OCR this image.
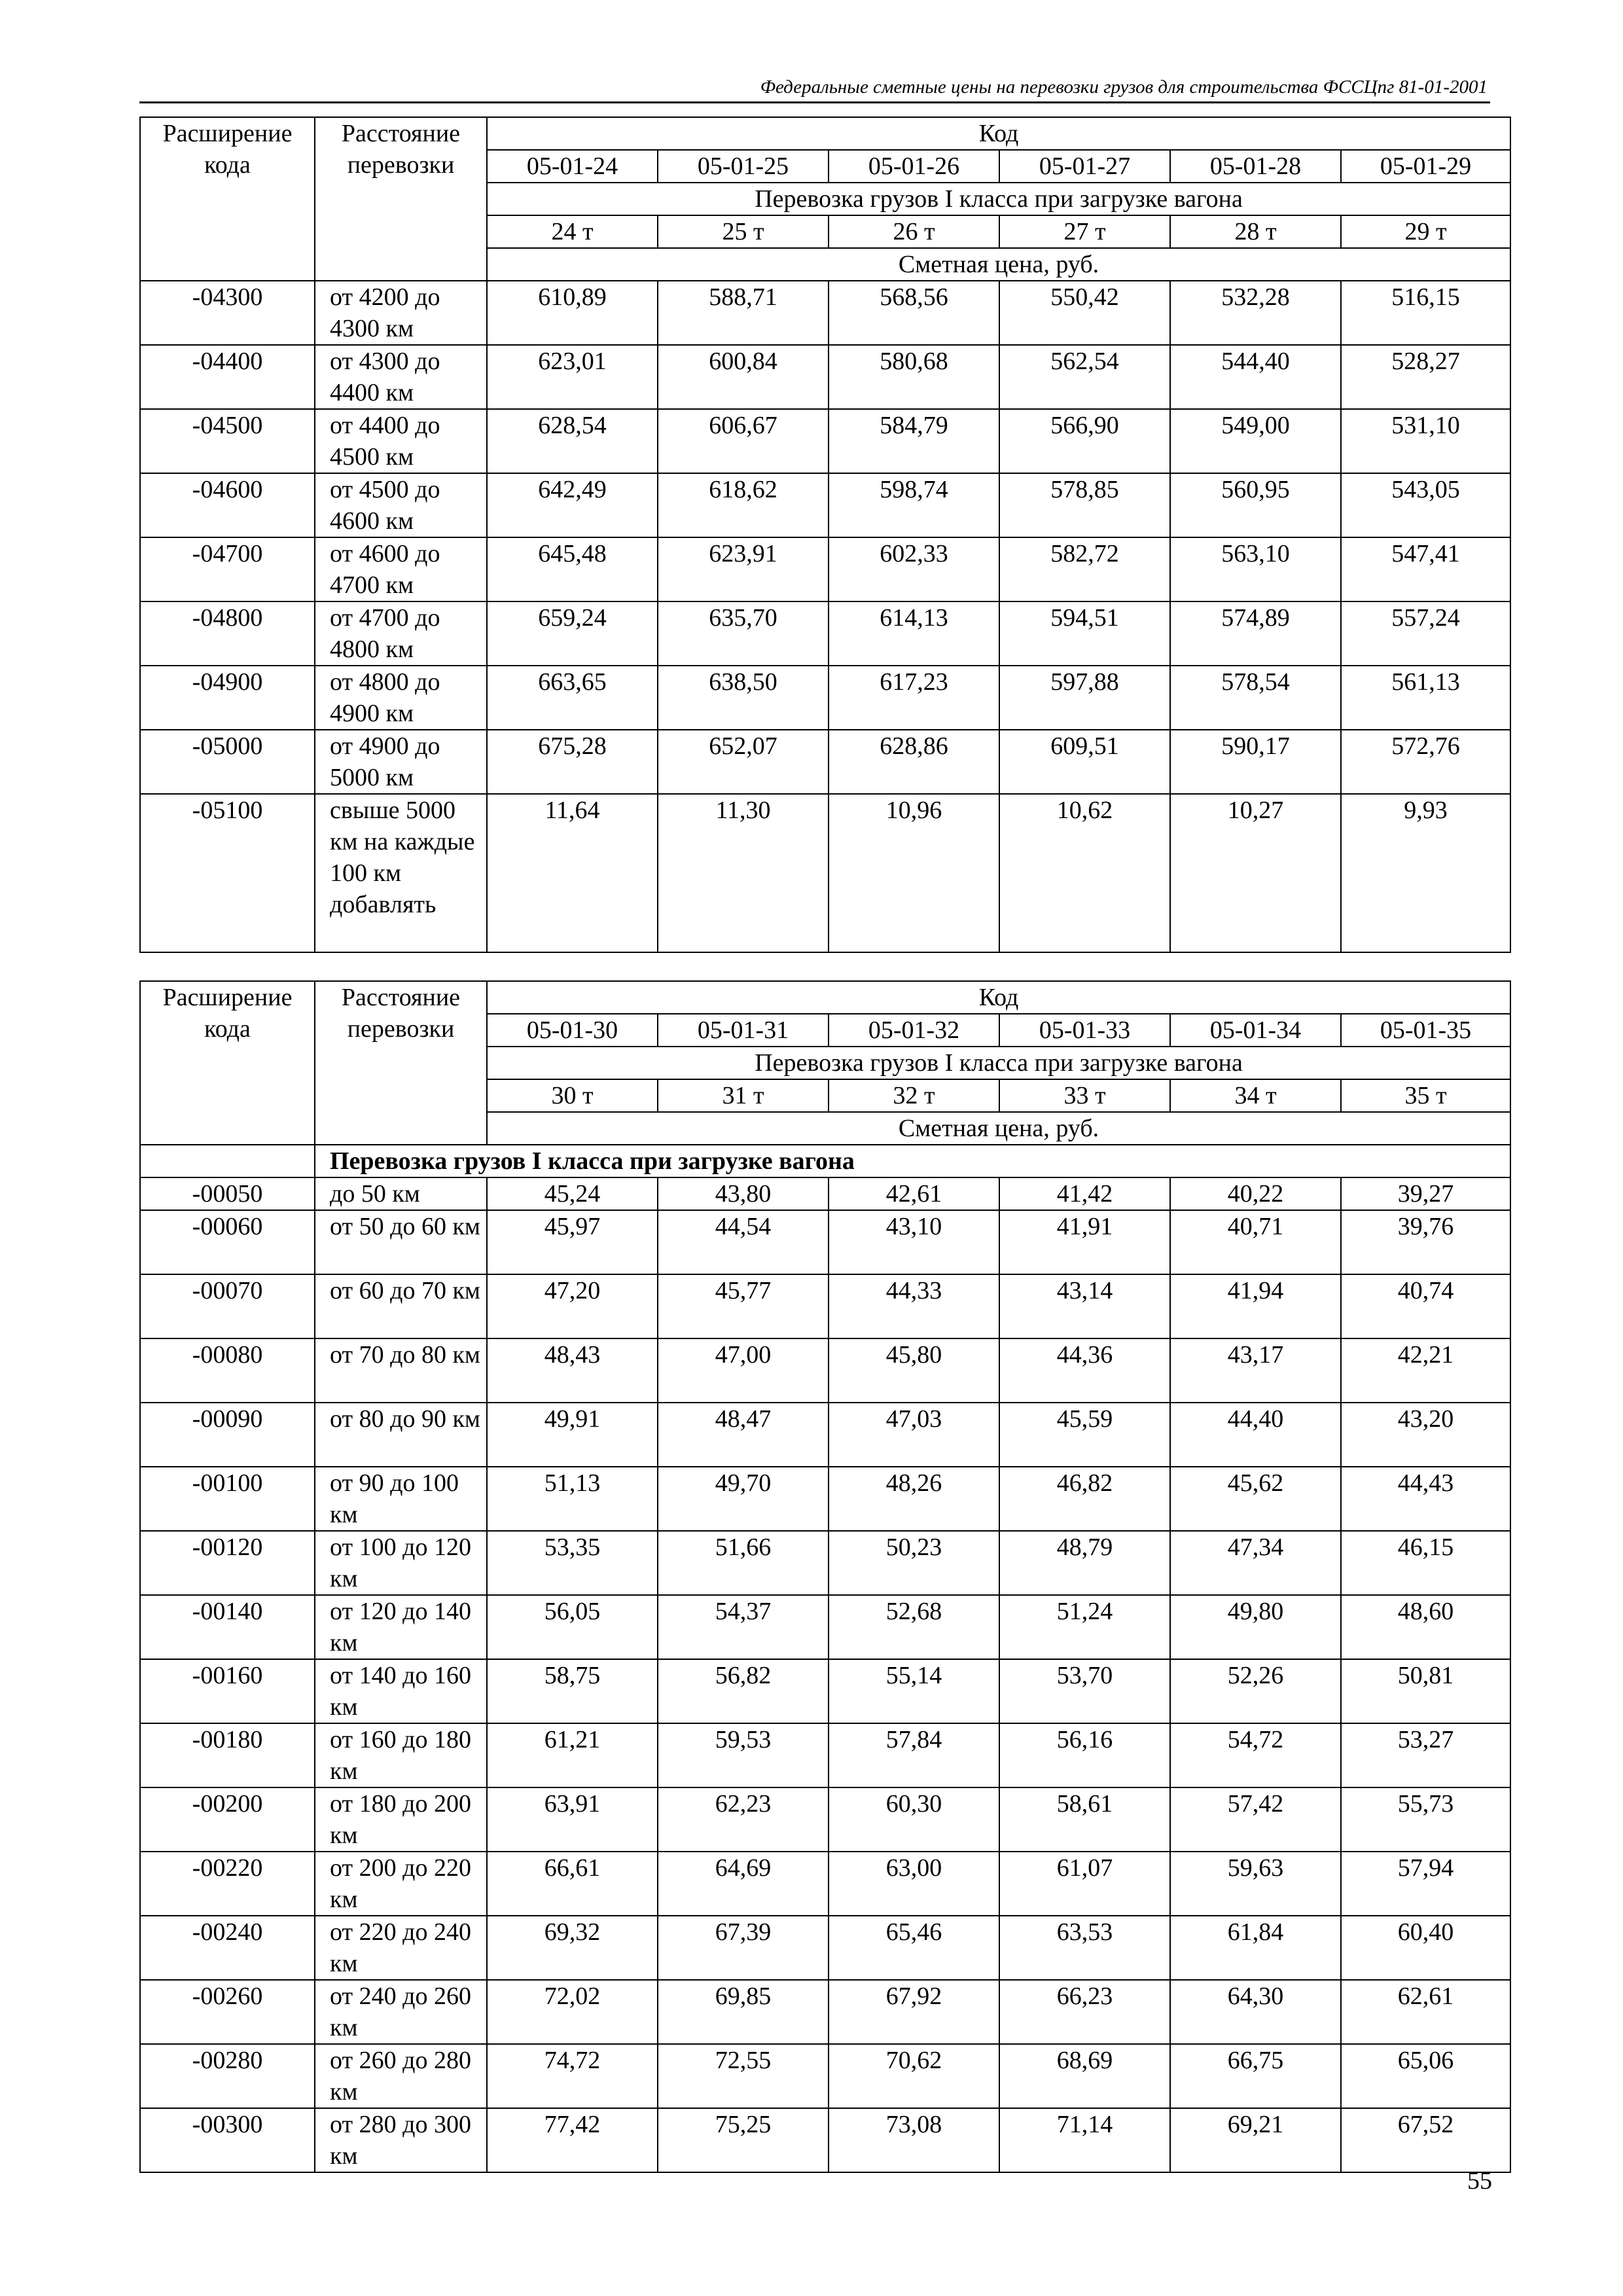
Федеральные сметные цены на перевозки грузов для строительства ФССЦпг 81-01-2001
Расширение кода	Расстояние перевозки	Код					
		05-01-24	05-01-25	05-01-26	05-01-27	05-01-28	05-01-29
		Перевозка грузов I класса при загрузке вагона					
		24 т	25 т	26 т	27 т	28 т	29 т
		Сметная цена, руб.					
-04300	от 4200 до 4300 км	610,89	588,71	568,56	550,42	532,28	516,15
-04400	от 4300 до 4400 км	623,01	600,84	580,68	562,54	544,40	528,27
-04500	от 4400 до 4500 км	628,54	606,67	584,79	566,90	549,00	531,10
-04600	от 4500 до 4600 км	642,49	618,62	598,74	578,85	560,95	543,05
-04700	от 4600 до 4700 км	645,48	623,91	602,33	582,72	563,10	547,41
-04800	от 4700 до 4800 км	659,24	635,70	614,13	594,51	574,89	557,24
-04900	от 4800 до 4900 км	663,65	638,50	617,23	597,88	578,54	561,13
-05000	от 4900 до 5000 км	675,28	652,07	628,86	609,51	590,17	572,76
-05100	свыше 5000 км на каждые 100 км добавлять	11,64	11,30	10,96	10,62	10,27	9,93
Расширение кода	Расстояние перевозки	Код					
		05-01-30	05-01-31	05-01-32	05-01-33	05-01-34	05-01-35
		Перевозка грузов I класса при загрузке вагона					
		30 т	31 т	32 т	33 т	34 т	35 т
		Сметная цена, руб.					
	Перевозка грузов I класса при загрузке вагона						
-00050	до 50 км	45,24	43,80	42,61	41,42	40,22	39,27
-00060	от 50 до 60 км	45,97	44,54	43,10	41,91	40,71	39,76
-00070	от 60 до 70 км	47,20	45,77	44,33	43,14	41,94	40,74
-00080	от 70 до 80 км	48,43	47,00	45,80	44,36	43,17	42,21
-00090	от 80 до 90 км	49,91	48,47	47,03	45,59	44,40	43,20
-00100	от 90 до 100 км	51,13	49,70	48,26	46,82	45,62	44,43
-00120	от 100 до 120 км	53,35	51,66	50,23	48,79	47,34	46,15
-00140	от 120 до 140 км	56,05	54,37	52,68	51,24	49,80	48,60
-00160	от 140 до 160 км	58,75	56,82	55,14	53,70	52,26	50,81
-00180	от 160 до 180 км	61,21	59,53	57,84	56,16	54,72	53,27
-00200	от 180 до 200 км	63,91	62,23	60,30	58,61	57,42	55,73
-00220	от 200 до 220 км	66,61	64,69	63,00	61,07	59,63	57,94
-00240	от 220 до 240 км	69,32	67,39	65,46	63,53	61,84	60,40
-00260	от 240 до 260 км	72,02	69,85	67,92	66,23	64,30	62,61
-00280	от 260 до 280 км	74,72	72,55	70,62	68,69	66,75	65,06
-00300	от 280 до 300 км	77,42	75,25	73,08	71,14	69,21	67,52
55
